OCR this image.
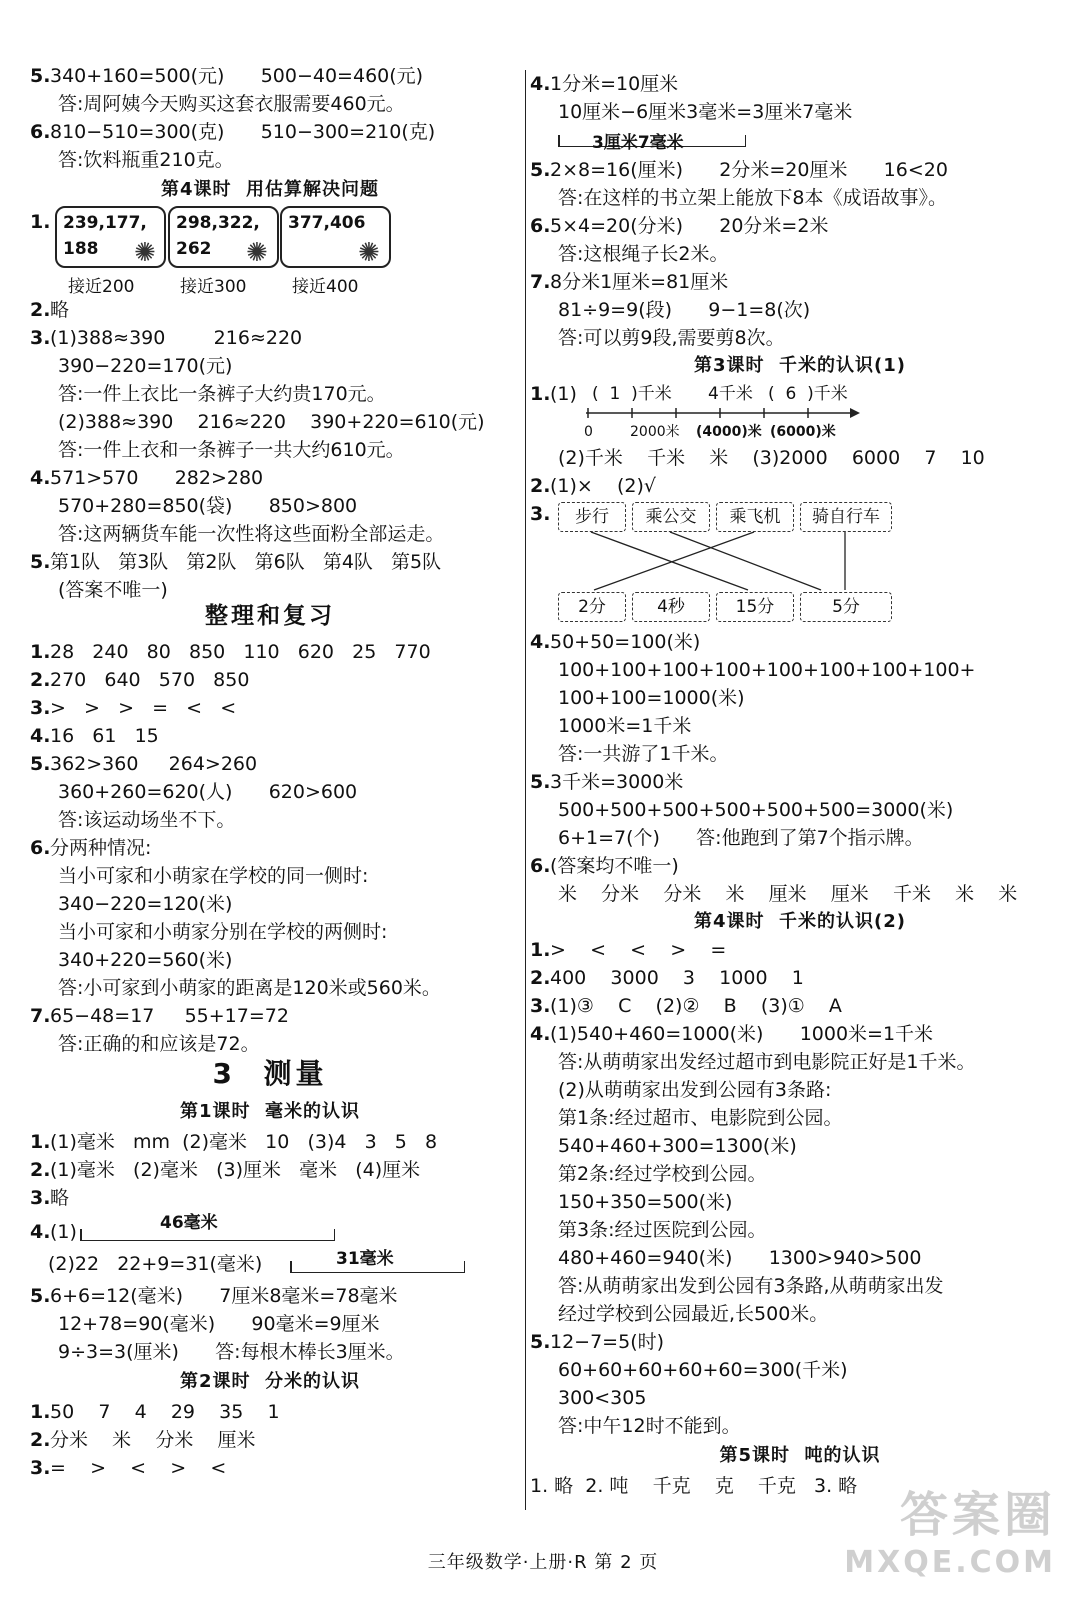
5.340+160=500(元)      500−40=460(元)
答:周阿姨今天购买这套衣服需要460元。
6.810−510=300(克)      510−300=210(克)
答:饮料瓶重210克。
第4课时  用估算解决问题
1. 239,177,
188	✺
接近200
298,322,
262	✺
接近300
377,406
✺
接近400
2.略
3.(1)388≈390        216≈220
390−220=170(元)
答:一件上衣比一条裤子大约贵170元。
(2)388≈390    216≈220    390+220=610(元)
答:一件上衣和一条裤子一共大约610元。
4.571>570      282>280
570+280=850(袋)      850>800
答:这两辆货车能一次性将这些面粉全部运走。
5.第1队   第3队   第2队   第6队   第4队   第5队
(答案不唯一)
整理和复习
1.28   240   80   850   110   620   25   770
2.270   640   570   850
3.>   >   >   =   <   <
4.16   61   15
5.362>360     264>260
360+260=620(人)      620>600
答:该运动场坐不下。
6.分两种情况:
当小可家和小萌家在学校的同一侧时:
340−220=120(米)
当小可家和小萌家分别在学校的两侧时:
340+220=560(米)
答:小可家到小萌家的距离是120米或560米。
7.65−48=17     55+17=72
答:正确的和应该是72。
3  测量
第1课时  毫米的认识
1.(1)毫米   mm  (2)毫米   10   (3)4   3   5   8
2.(1)毫米   (2)毫米   (3)厘米   毫米   (4)厘米
3.略
4.(1)	46毫米
(2)22   22+9=31(毫米)	31毫米
5.6+6=12(毫米)      7厘米8毫米=78毫米
12+78=90(毫米)      90毫米=9厘米
9÷3=3(厘米)      答:每根木棒长3厘米。
第2课时  分米的认识
1.50    7    4    29    35    1
2.分米    米    分米    厘米
3.=    >    <    >    <
4.1分米=10厘米
10厘米−6厘米3毫米=3厘米7毫米
3厘米7毫米
5.2×8=16(厘米)      2分米=20厘米      16<20
答:在这样的书立架上能放下8本《成语故事》。
6.5×4=20(分米)      20分米=2米
答:这根绳子长2米。
7.8分米1厘米=81厘米
81÷9=9(段)      9−1=8(次)
答:可以剪9段,需要剪8次。
第3课时  千米的认识(1)
1.(1) (  1  )千米 4千米 (  6  )千米
0	2000米 (4000)米 (6000)米
(2)千米    千米    米    (3)2000    6000    7    10
2.(1)×    (2)√
3.	步行	乘公交	乘飞机	骑自行车
2分	4秒	15分	5分
4.50+50=100(米)
100+100+100+100+100+100+100+100+
100+100=1000(米)
1000米=1千米
答:一共游了1千米。
5.3千米=3000米
500+500+500+500+500+500=3000(米)
6+1=7(个)      答:他跑到了第7个指示牌。
6.(答案均不唯一)
米    分米    分米    米    厘米    厘米    千米    米    米
第4课时  千米的认识(2)
1.>    <    <    >    =
2.400    3000    3    1000    1
3.(1)③    C    (2)②    B    (3)①    A
4.(1)540+460=1000(米)      1000米=1千米
答:从萌萌家出发经过超市到电影院正好是1千米。
(2)从萌萌家出发到公园有3条路:
第1条:经过超市、电影院到公园。
540+460+300=1300(米)
第2条:经过学校到公园。
150+350=500(米)
第3条:经过医院到公园。
480+460=940(米)      1300>940>500
答:从萌萌家出发到公园有3条路,从萌萌家出发
经过学校到公园最近,长500米。
5.12−7=5(时)
60+60+60+60+60=300(千米)
300<305
答:中午12时不能到。
第5课时  吨的认识
1. 略  2. 吨    千克    克    千克   3. 略
三年级数学·上册·R 第 2 页
答案圈
MXQE.COM
